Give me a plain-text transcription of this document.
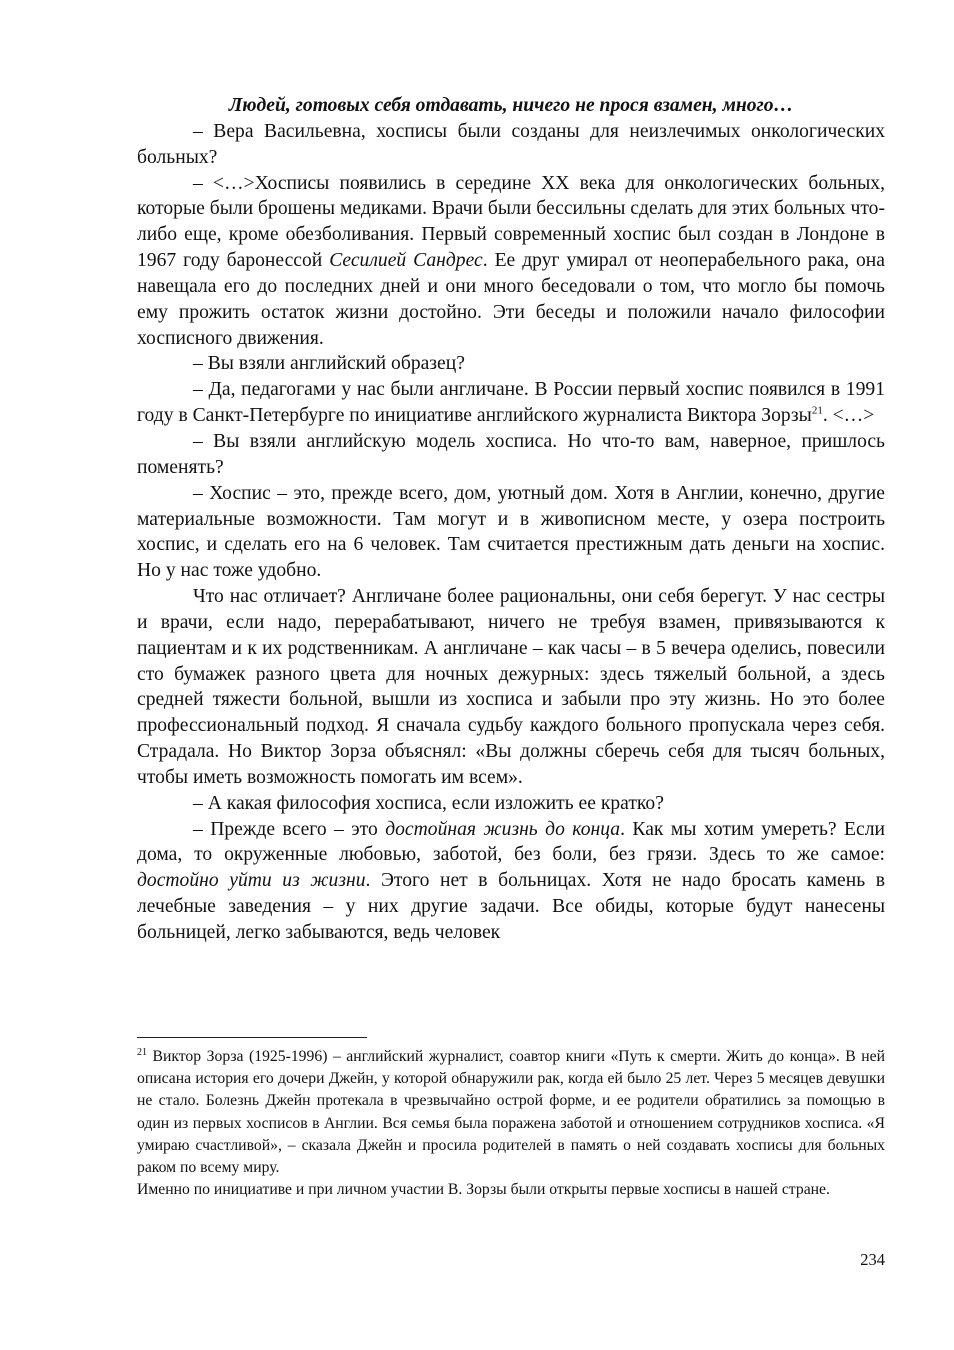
Людей, готовых себя отдавать, ничего не прося взамен, много…

– Вера Васильевна, хосписы были созданы для неизлечимых онкологических больных?

– <…>Хосписы появились в середине ХХ века для онкологических больных, которые были брошены медиками. Врачи были бессильны сделать для этих больных что-либо еще, кроме обезболивания. Первый современный хоспис был создан в Лондоне в 1967 году баронессой Сесилией Сандрес. Ее друг умирал от неоперабельного рака, она навещала его до последних дней и они много беседовали о том, что могло бы помочь ему прожить остаток жизни достойно. Эти беседы и положили начало философии хосписного движения.

– Вы взяли английский образец?

– Да, педагогами у нас были англичане. В России первый хоспис появился в 1991 году в Санкт-Петербурге по инициативе английского журналиста Виктора Зорзы$^{21}$. <…>

– Вы взяли английскую модель хосписа. Но что-то вам, наверное, пришлось поменять?

– Хоспис – это, прежде всего, дом, уютный дом. Хотя в Англии, конечно, другие материальные возможности. Там могут и в живописном месте, у озера построить хоспис, и сделать его на 6 человек. Там считается престижным дать деньги на хоспис. Но у нас тоже удобно.

Что нас отличает? Англичане более рациональны, они себя берегут. У нас сестры и врачи, если надо, перерабатывают, ничего не требуя взамен, привязываются к пациентам и к их родственникам. А англичане – как часы – в 5 вечера оделись, повесили сто бумажек разного цвета для ночных дежурных: здесь тяжелый больной, а здесь средней тяжести больной, вышли из хосписа и забыли про эту жизнь. Но это более профессиональный подход. Я сначала судьбу каждого больного пропускала через себя. Страдала. Но Виктор Зорза объяснял: «Вы должны сберечь себя для тысяч больных, чтобы иметь возможность помогать им всем».

– А какая философия хосписа, если изложить ее кратко?

– Прежде всего – это достойная жизнь до конца. Как мы хотим умереть? Если дома, то окруженные любовью, заботой, без боли, без грязи. Здесь то же самое: достойно уйти из жизни. Этого нет в больницах. Хотя не надо бросать камень в лечебные заведения – у них другие задачи. Все обиды, которые будут нанесены больницей, легко забываются, ведь человек

$^{21}$ Виктор Зорза (1925-1996) – английский журналист, соавтор книги «Путь к смерти. Жить до конца». В ней описана история его дочери Джейн, у которой обнаружили рак, когда ей было 25 лет. Через 5 месяцев девушки не стало. Болезнь Джейн протекала в чрезвычайно острой форме, и ее родители обратились за помощью в один из первых хосписов в Англии. Вся семья была поражена заботой и отношением сотрудников хосписа. «Я умираю счастливой», – сказала Джейн и просила родителей в память о ней создавать хосписы для больных раком по всему миру.

Именно по инициативе и при личном участии В. Зорзы были открыты первые хосписы в нашей стране.

234
